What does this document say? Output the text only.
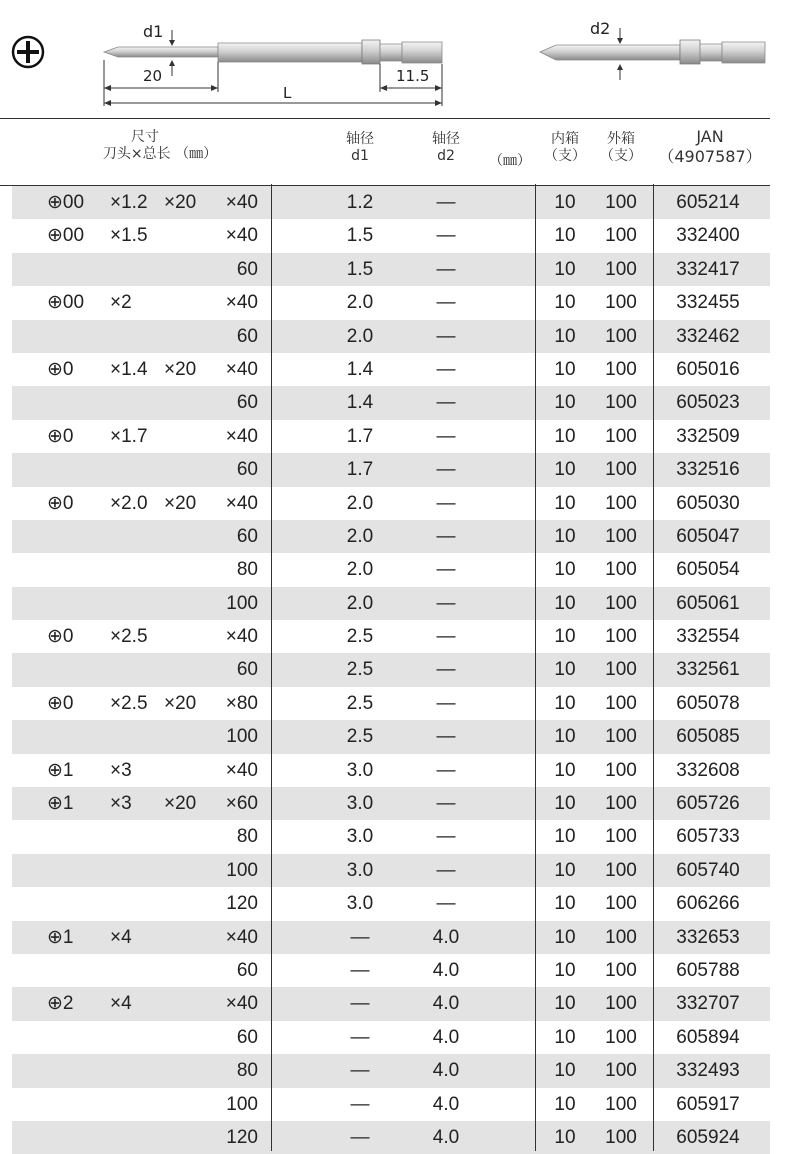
d1	d2
20	11.5
L
尺寸
刀头×总长 （㎜）
轴径
d1
轴径
d2	（㎜）
内箱
（支）
外箱
（支）
JAN
（4907587）
⊕00 ×1.2 ×20 ×40	1.2	—	10	100	605214
⊕00 ×1.5	×40	1.5	—	10	100	332400
60	1.5	—	10	100	332417
⊕00 ×2	×40	2.0	—	10	100	332455
60	2.0	—	10	100	332462
⊕0 ×1.4 ×20 ×40	1.4	—	10	100	605016
60	1.4	—	10	100	605023
⊕0 ×1.7	×40	1.7	—	10	100	332509
60	1.7	—	10	100	332516
⊕0 ×2.0 ×20 ×40	2.0	—	10	100	605030
60	2.0	—	10	100	605047
80	2.0	—	10	100	605054
100	2.0	—	10	100	605061
⊕0 ×2.5	×40	2.5	—	10	100	332554
60	2.5	—	10	100	332561
⊕0 ×2.5 ×20 ×80	2.5	—	10	100	605078
100	2.5	—	10	100	605085
⊕1 ×3	×40	3.0	—	10	100	332608
⊕1 ×3 ×20 ×60	3.0	—	10	100	605726
80	3.0	—	10	100	605733
100	3.0	—	10	100	605740
120	3.0	—	10	100	606266
⊕1 ×4	×40	—	4.0	10	100	332653
60	—	4.0	10	100	605788
⊕2 ×4	×40	—	4.0	10	100	332707
60	—	4.0	10	100	605894
80	—	4.0	10	100	332493
100	—	4.0	10	100	605917
120	—	4.0	10	100	605924
